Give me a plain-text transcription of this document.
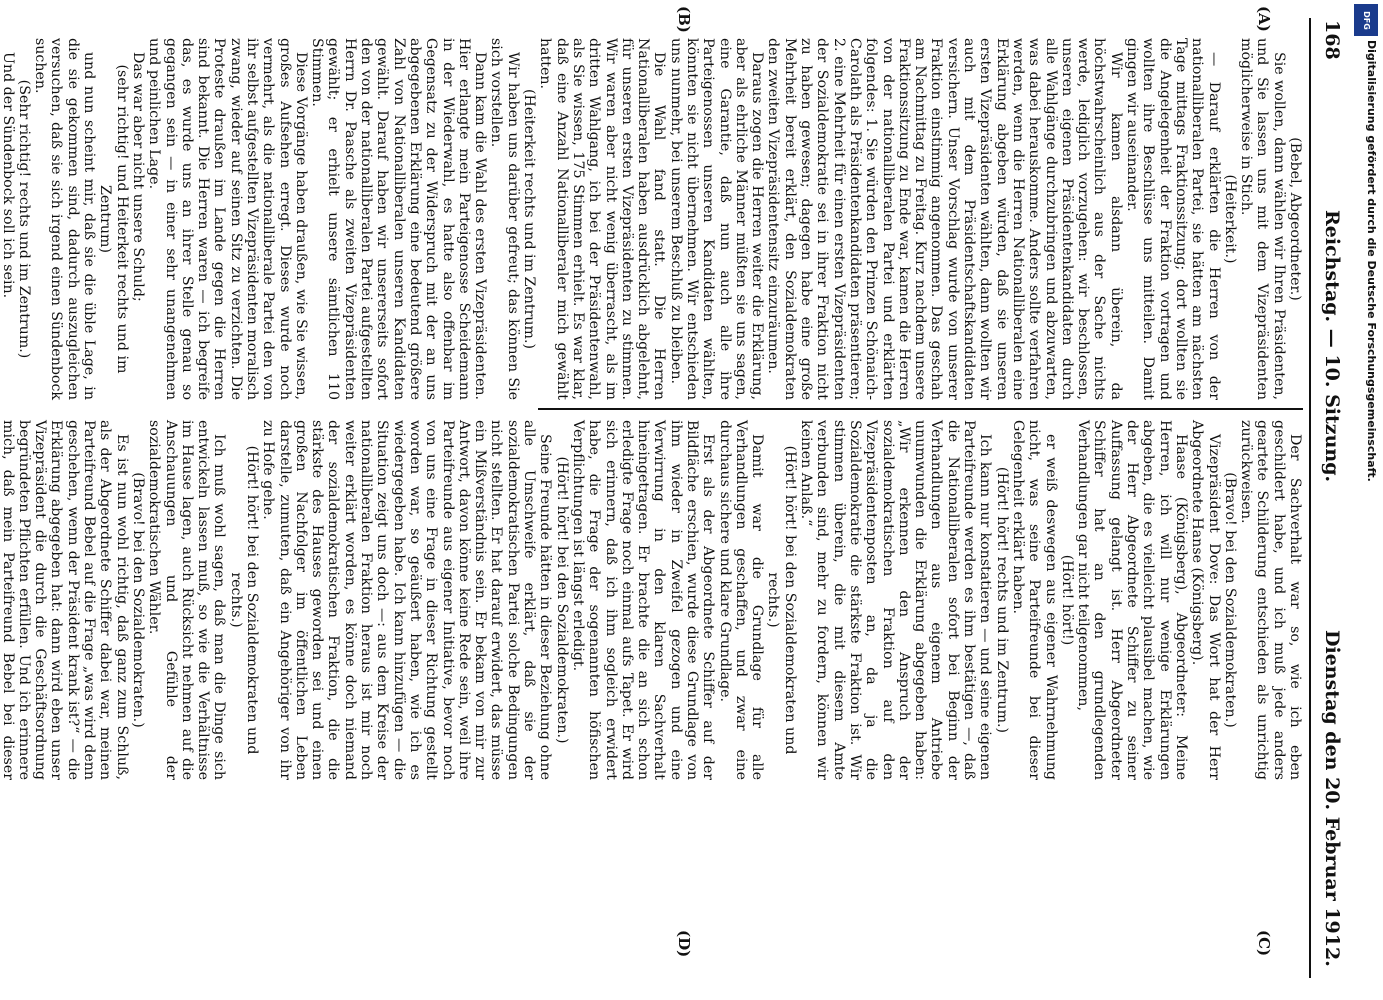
168
Reichstag. — 10. Sitzung.
Dienstag den 20. Februar 1912.
(A)
(B)
(C)
(D)

(Bebel, Abgeordneter.)

Sie wollen, dann wählen wir Ihren Präsidenten, und Sie lassen uns mit dem Vizepräsidenten möglicherweise in Stich.

(Heiterkeit.)

— Darauf erklärten die Herren von der nationalliberalen Partei, sie hätten am nächsten Tage mittags Fraktionssitzung; dort wollten sie die Angelegenheit der Fraktion vortragen und wollten ihre Beschlüsse uns mitteilen. Damit gingen wir auseinander.

Wir kamen alsdann überein, da höchstwahrscheinlich aus der Sache nichts werde, lediglich vorzugehen: wir beschlossen, unseren eigenen Präsidentenkandidaten durch alle Wahlgänge durchzubringen und abzuwarten, was dabei herauskomme. Anders sollte verfahren werden, wenn die Herren Nationalliberalen eine Erklärung abgeben würden, daß sie unseren ersten Vizepräsidenten wählten, dann wollten wir auch mit dem Präsidentschaftskandidaten versichern. Unser Vorschlag wurde von unserer Fraktion einstimmig angenommen. Das geschah am Nachmittag zu Freitag. Kurz nachdem unsere Fraktionssitzung zu Ende war, kamen die Herren von der nationalliberalen Partei und erklärten folgendes: 1. Sie würden den Prinzen Schönaich-Carolath als Präsidentenkandidaten präsentieren; 2. eine Mehrheit für einen ersten Vizepräsidenten der Sozialdemokratie sei in ihrer Fraktion nicht zu haben gewesen; dagegen habe eine große Mehrheit bereit erklärt, den Sozialdemokraten den zweiten Vizepräsidentensitz einzuräumen.

Daraus zogen die Herren weiter die Erklärung, aber als ehrliche Männer müßten sie uns sagen, eine Garantie, daß nun auch alle ihre Parteigenossen unseren Kandidaten wählten, könnten sie nicht übernehmen. Wir entschieden uns nunmehr, bei unserem Beschluß zu bleiben.

Die Wahl fand statt. Die Herren Nationalliberalen haben ausdrücklich abgelehnt, für unseren ersten Vizepräsidenten zu stimmen. Wir waren aber nicht wenig überrascht, als im dritten Wahlgang, ich bei der Präsidentenwahl, als Sie wissen, 175 Stimmen erhielt. Es war klar, daß eine Anzahl Nationalliberaler mich gewählt hatten.

(Heiterkeit rechts und im Zentrum.)

Wir haben uns darüber gefreut; das können Sie sich vorstellen.

Dann kam die Wahl des ersten Vizepräsidenten. Hier erlangte mein Parteigenosse Scheidemann in der Wiederwahl, es hatte also offenbar im Gegensatz zu der Widerspruch mit der an uns abgegebenen Erklärung eine bedeutend größere Zahl von Nationalliberalen unseren Kandidaten gewählt. Darauf haben wir unsererseits sofort den von der nationalliberalen Partei aufgestellten Herrn Dr. Paasche als zweiten Vizepräsidenten gewählt; er erhielt unsere sämtlichen 110 Stimmen.

Diese Vorgänge haben draußen, wie Sie wissen, großes Aufsehen erregt. Dieses wurde noch vermehrt, als die nationalliberale Partei den von ihr selbst aufgestellten Vizepräsidenten moralisch zwang, wieder auf seinen Sitz zu verzichten. Die Proteste draußen im Lande gegen die Herren sind bekannt. Die Herren waren — ich begreife das, es wurde uns an ihrer Stelle genau so gegangen sein — in einer sehr unangenehmen und peinlichen Lage.

Das war aber nicht unsere Schuld;

(sehr richtig! und Heiterkeit rechts und im Zentrum)

und nun scheint mir, daß sie die üble Lage, in die sie gekommen sind, dadurch auszugleichen versuchen, daß sie sich irgend einen Sündenbock suchen.

(Sehr richtig! rechts und im Zentrum.)

Und der Sündenbock soll ich sein.

Der Sachverhalt war so, wie ich eben geschildert habe, und ich muß jede anders geartete Schilderung entschieden als unrichtig zurückweisen.

(Bravo! bei den Sozialdemokraten.)

Vizepräsident Dove: Das Wort hat der Herr Abgeordnete Hanse (Königsberg).

Haase (Königsberg), Abgeordneter: Meine Herren, ich will nur wenige Erklärungen abgeben, die es vielleicht plausibel machen, wie der Herr Abgeordnete Schiffer zu seiner Auffassung gelangt ist. Herr Abgeordneter Schiffer hat an den grundlegenden Verhandlungen gar nicht teilgenommen,

(Hört! hört!)

er weiß deswegen aus eigener Wahrnehmung nicht, was seine Parteifreunde bei dieser Gelegenheit erklärt haben.

(Hört! hört! rechts und im Zentrum.)

Ich kann nur konstatieren — und seine eigenen Parteifreunde werden es ihm bestätigen —, daß die Nationalliberalen sofort bei Beginn der Verhandlungen aus eigenem Antriebe unumwunden die Erklärung abgegeben haben: „Wir erkennen den Anspruch der sozialdemokratischen Fraktion auf den Vizepräsidentenposten an, da ja die Sozialdemokratie die stärkste Fraktion ist. Wir stimmen überein, die mit diesem Amte verbunden sind, mehr zu fordern, können wir keinen Anlaß.“

(Hört! hört! bei den Sozialdemokraten und rechts.)

Damit war die Grundlage für alle Verhandlungen geschaffen, und zwar eine durchaus sichere und klare Grundlage.

Erst als der Abgeordnete Schiffer auf der Bildfläche erschien, wurde diese Grundlage von ihm wieder in Zweifel gezogen und eine Verwirrung in den klaren Sachverhalt hineingetragen. Er brachte die an sich schon erledigte Frage noch einmal aufs Tapet. Er wird sich erinnern, daß ich ihm sogleich erwidert habe, die Frage der sogenannten höfischen Verpflichtungen ist längst erledigt.

(Hört! hört! bei den Sozialdemokraten.)

Seine Freunde hätten in dieser Beziehung ohne alle Umschweife erklärt, daß sie der sozialdemokratischen Partei solche Bedingungen nicht stellten. Er hat darauf erwidert, das müsse ein Mißverständnis sein. Er bekam von mir zur Antwort, davon könne keine Rede sein, weil ihre Parteifreunde aus eigener Initiative, bevor noch von uns eine Frage in dieser Richtung gestellt worden war, so geäußert haben, wie ich es wiedergegeben habe. Ich kann hinzufügen — die Situation zeigt uns doch —: aus dem Kreise der nationalliberalen Fraktion heraus ist mir noch weiter erklärt worden, es könne doch niemand der sozialdemokratischen Fraktion, die die stärkste des Hauses geworden sei und einen großen Nachfolger im öffentlichen Leben darstelle, zumuten, daß ein Angehöriger von ihr zu Hofe gehe.

(Hört! hört! bei den Sozialdemokraten und rechts.)

Ich muß wohl sagen, daß man die Dinge sich entwickeln lassen muß, so wie die Verhältnisse im Hause lagen, auch Rücksicht nehmen auf die Anschauungen und Gefühle der sozialdemokratischen Wähler.

(Bravo! bei den Sozialdemokraten.)

Es ist nun wohl richtig, daß ganz zum Schluß, als der Abgeordnete Schiffer dabei war, meinen Parteifreund Bebel auf die Frage „was wird denn geschehen, wenn der Präsident krank ist?“ — die Erklärung abgegeben hat: dann wird eben unser Vizepräsident die durch die Geschäftsordnung begründeten Pflichten erfüllen. Und ich erinnere mich, daß mein Parteifreund Bebel bei dieser

DFG
Digitalisierung gefördert durch die Deutsche Forschungsgemeinschaft.
